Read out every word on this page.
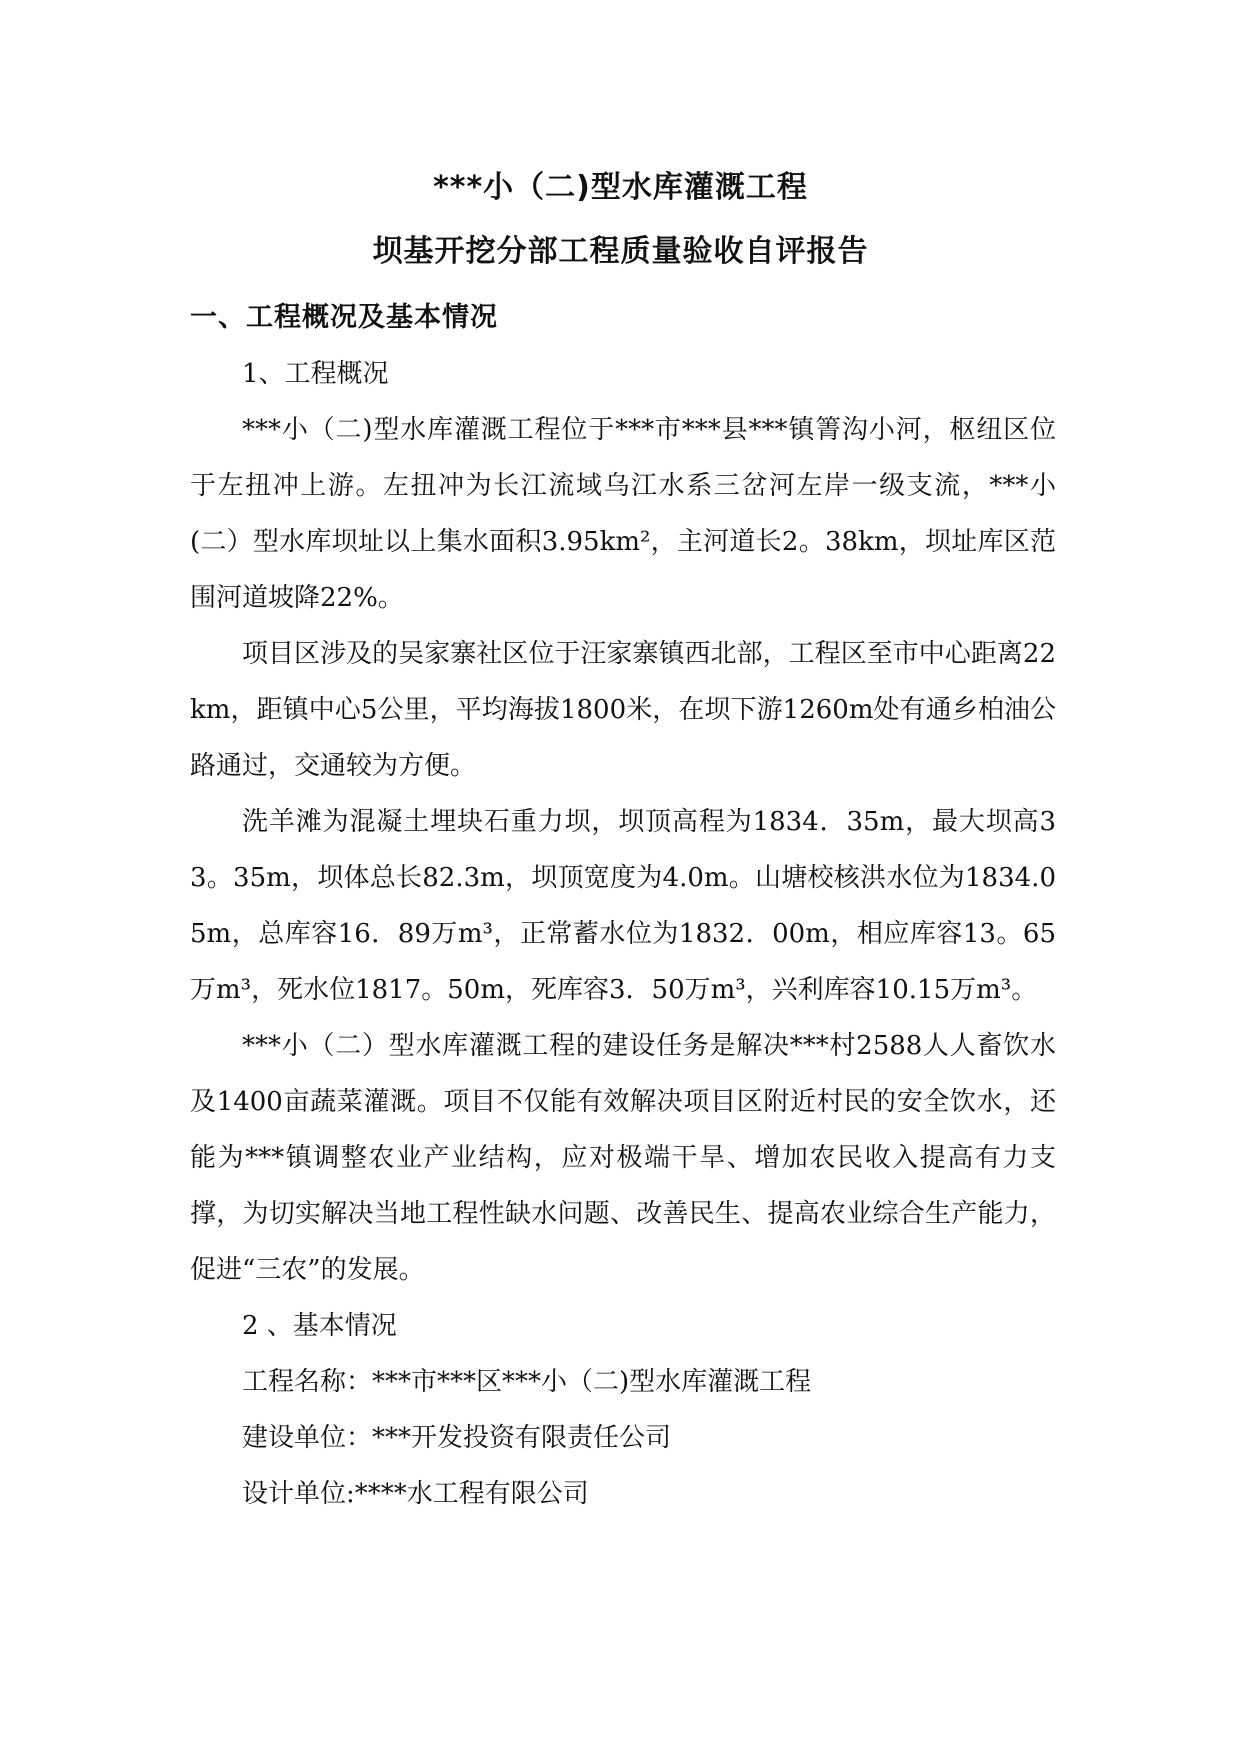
***小（二)型水库灌溉工程
坝基开挖分部工程质量验收自评报告
一、工程概况及基本情况

1、工程概况

***小（二)型水库灌溉工程位于***市***县***镇箐沟小河，枢纽区位于左扭冲上游。左扭冲为长江流域乌江水系三岔河左岸一级支流，***小(二）型水库坝址以上集水面积3.95km²，主河道长2。38km，坝址库区范围河道坡降22%。

项目区涉及的吴家寨社区位于汪家寨镇西北部，工程区至市中心距离22km，距镇中心5公里，平均海拔1800米，在坝下游1260m处有通乡柏油公路通过，交通较为方便。

洗羊滩为混凝土埋块石重力坝，坝顶高程为1834．35m，最大坝高33。35m，坝体总长82.3m，坝顶宽度为4.0m。山塘校核洪水位为1834.05m，总库容16．89万m³，正常蓄水位为1832．00m，相应库容13。65万m³，死水位1817。50m，死库容3．50万m³，兴利库容10.15万m³。

***小（二）型水库灌溉工程的建设任务是解决***村2588人人畜饮水及1400亩蔬菜灌溉。项目不仅能有效解决项目区附近村民的安全饮水，还能为***镇调整农业产业结构，应对极端干旱、增加农民收入提高有力支撑，为切实解决当地工程性缺水问题、改善民生、提高农业综合生产能力，促进“三农”的发展。

2 、基本情况

工程名称：***市***区***小（二)型水库灌溉工程

建设单位：***开发投资有限责任公司

设计单位:****水工程有限公司
